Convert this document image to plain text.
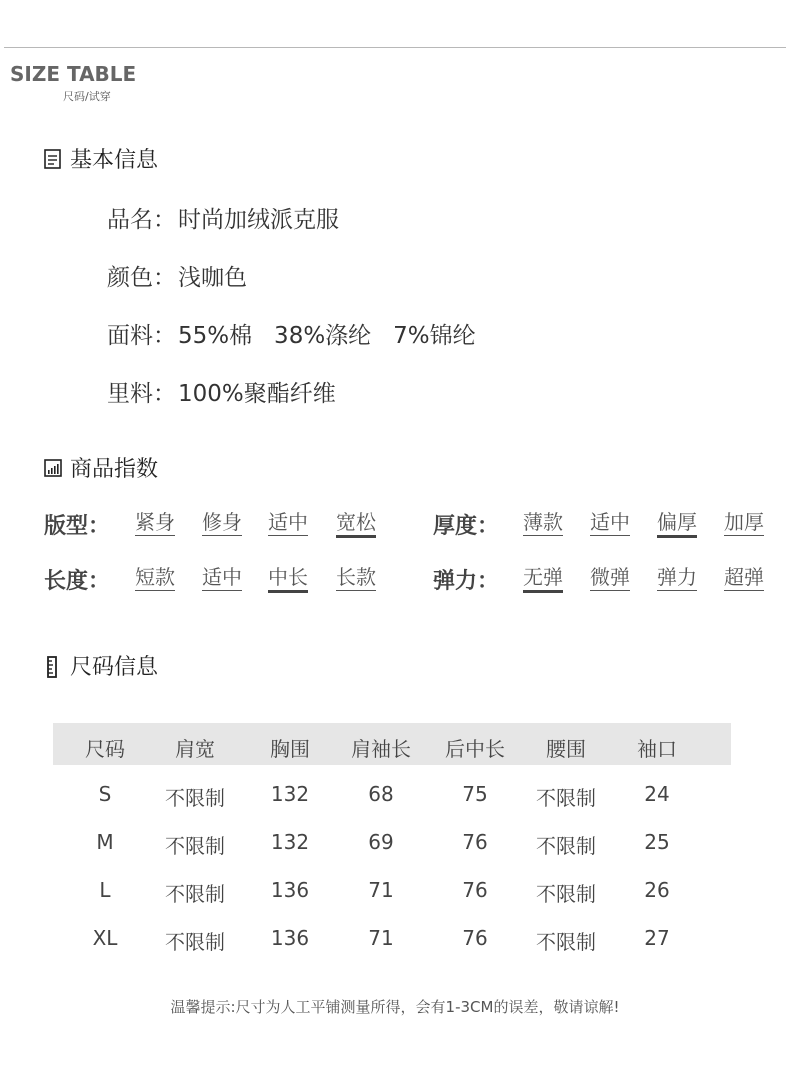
SIZE TABLE
尺码/试穿
基本信息
品名：时尚加绒派克服
颜色：浅咖色
面料：55%棉   38%涤纶   7%锦纶
里料：100%聚酯纤维
商品指数
版型： 紧身 修身 适中 宽松	厚度： 薄款 适中 偏厚 加厚
长度： 短款 适中 中长 长款	弹力： 无弹 微弹 弹力 超弹
尺码信息
尺码	肩宽	胸围 肩袖长 后中长 腰围	袖口
S	不限制 132	68	75 不限制 24
M	不限制 132	69	76 不限制 25
L	不限制 136	71	76 不限制 26
XL 不限制 136	71	76 不限制 27
温馨提示:尺寸为人工平铺测量所得，会有1-3CM的误差，敬请谅解!
